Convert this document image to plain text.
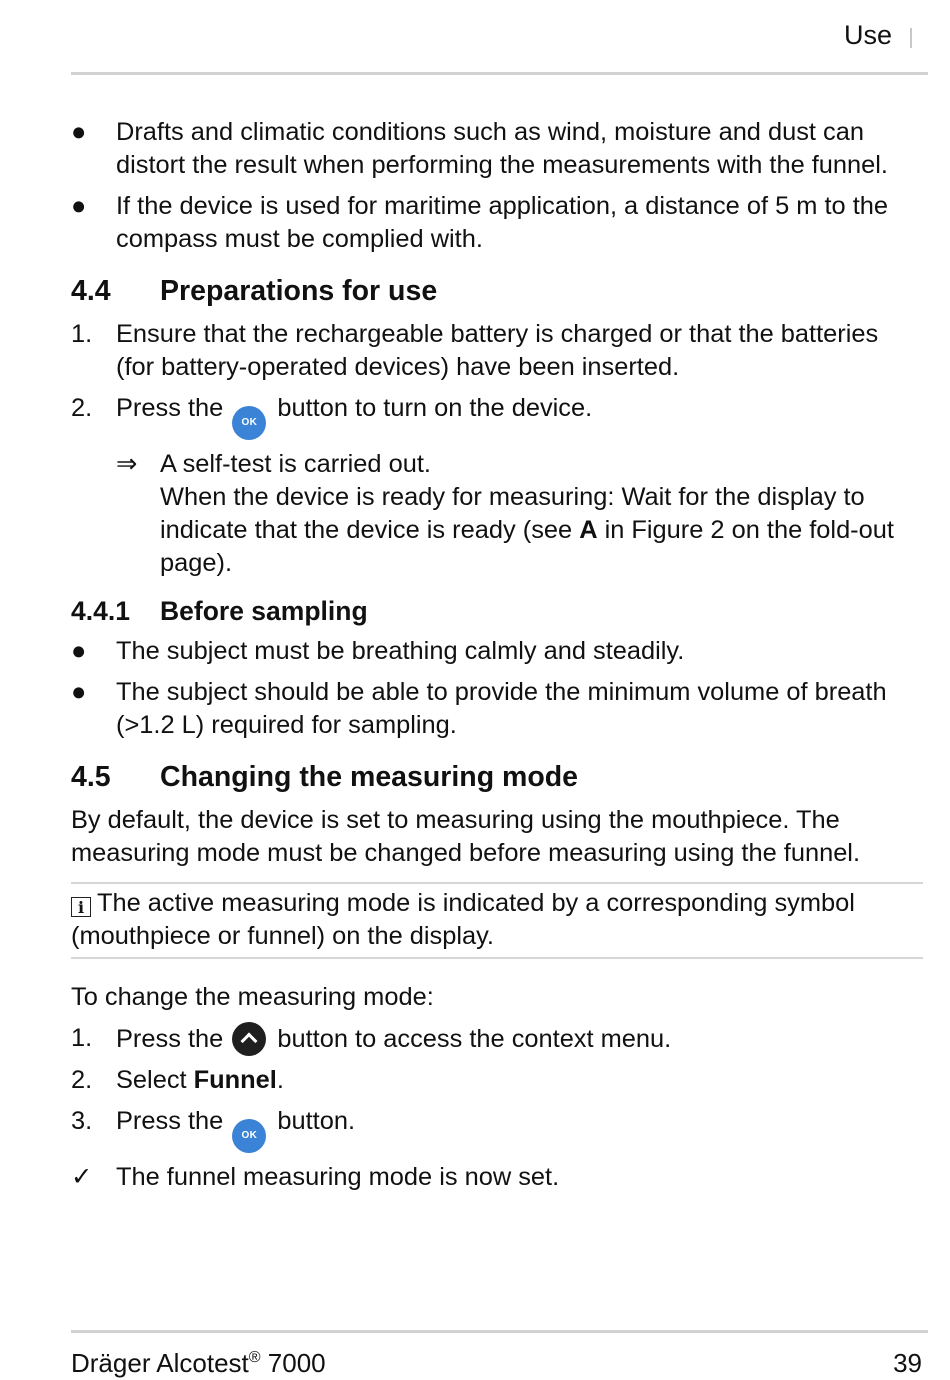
Use
● Drafts and climatic conditions such as wind, moisture and dust can distort the result when performing the measurements with the funnel.
● If the device is used for maritime application, a distance of 5 m to the compass must be complied with.
4.4 Preparations for use
1. Ensure that the rechargeable battery is charged or that the batteries (for battery-operated devices) have been inserted.
2. Press the OK button to turn on the device.
⇒ A self-test is carried out.
When the device is ready for measuring: Wait for the display to indicate that the device is ready (see A in Figure 2 on the fold-out page).
4.4.1 Before sampling
● The subject must be breathing calmly and steadily.
● The subject should be able to provide the minimum volume of breath (>1.2 L) required for sampling.
4.5 Changing the measuring mode
By default, the device is set to measuring using the mouthpiece. The measuring mode must be changed before measuring using the funnel.
i The active measuring mode is indicated by a corresponding symbol (mouthpiece or funnel) on the display.
To change the measuring mode:
1. Press the button to access the context menu.
2. Select Funnel.
3. Press the OK button.
✓ The funnel measuring mode is now set.
Dräger Alcotest® 7000	39
